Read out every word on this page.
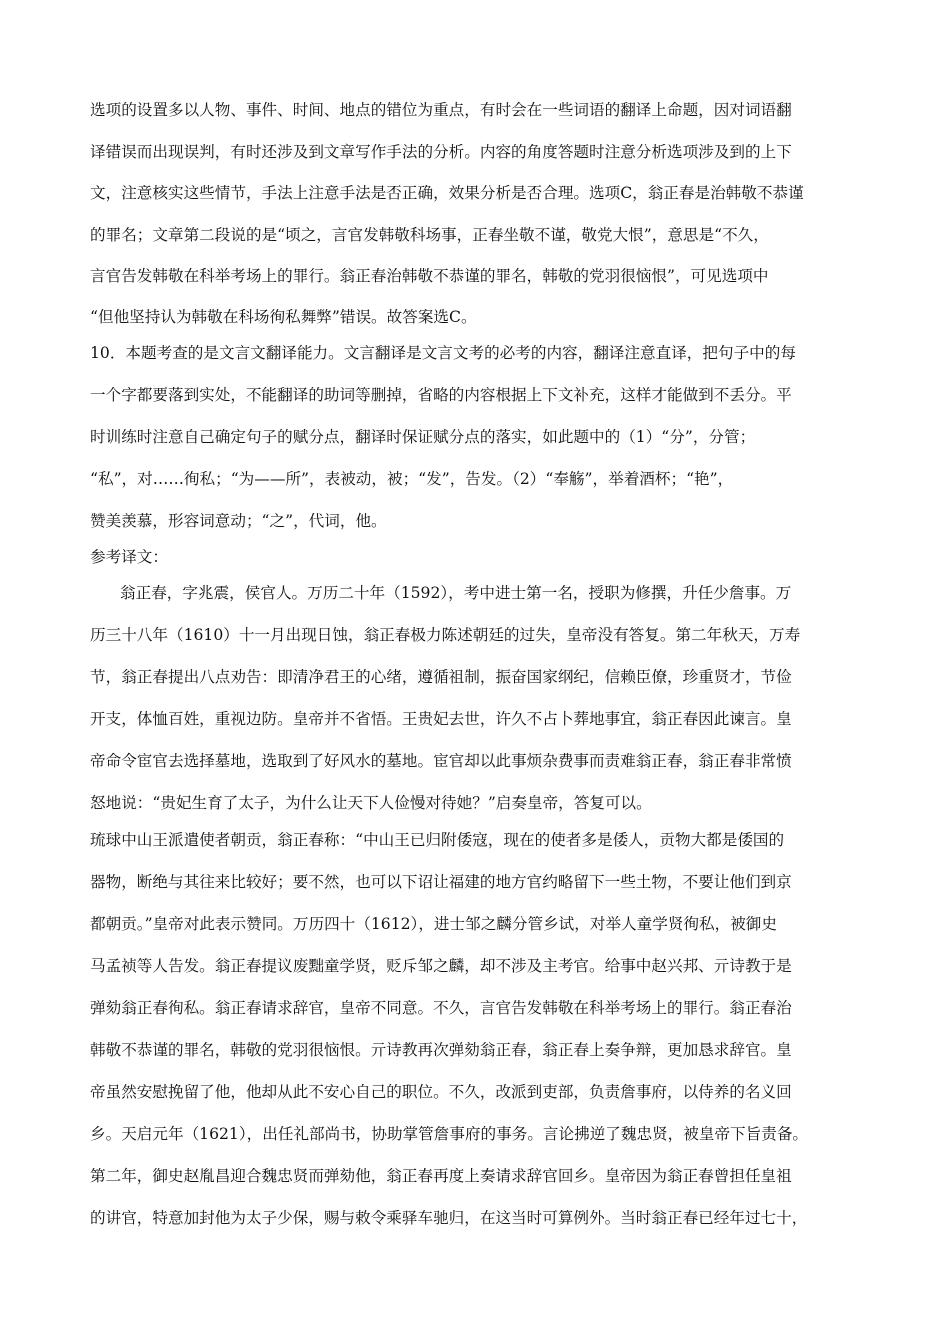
选项的设置多以人物、事件、时间、地点的错位为重点，有时会在一些词语的翻译上命题，因对词语翻
译错误而出现误判，有时还涉及到文章写作手法的分析。内容的角度答题时注意分析选项涉及到的上下
文，注意核实这些情节，手法上注意手法是否正确，效果分析是否合理。选项C，翁正春是治韩敬不恭谨
的罪名；文章第二段说的是“顷之，言官发韩敬科场事，正春坐敬不谨，敬党大恨”，意思是“不久，
言官告发韩敬在科举考场上的罪行。翁正春治韩敬不恭谨的罪名，韩敬的党羽很恼恨”，可见选项中
“但他坚持认为韩敬在科场徇私舞弊”错误。故答案选C。
10．本题考查的是文言文翻译能力。文言翻译是文言文考的必考的内容，翻译注意直译，把句子中的每
一个字都要落到实处，不能翻译的助词等删掉，省略的内容根据上下文补充，这样才能做到不丢分。平
时训练时注意自己确定句子的赋分点，翻译时保证赋分点的落实，如此题中的（1）“分”，分管；
“私”，对……徇私；“为——所”，表被动，被；“发”，告发。（2）“奉觞”，举着酒杯；“艳”，
赞美羡慕，形容词意动；“之”，代词，他。
参考译文：
翁正春，字兆震，侯官人。万历二十年（1592），考中进士第一名，授职为修撰，升任少詹事。万
历三十八年（1610）十一月出现日蚀，翁正春极力陈述朝廷的过失，皇帝没有答复。第二年秋天，万寿
节，翁正春提出八点劝告：即清净君王的心绪，遵循祖制，振奋国家纲纪，信赖臣僚，珍重贤才，节俭
开支，体恤百姓，重视边防。皇帝并不省悟。王贵妃去世，许久不占卜葬地事宜，翁正春因此谏言。皇
帝命令宦官去选择墓地，选取到了好风水的墓地。宦官却以此事烦杂费事而责难翁正春，翁正春非常愤
怒地说：“贵妃生育了太子，为什么让天下人俭慢对待她？”启奏皇帝，答复可以。
琉球中山王派遣使者朝贡，翁正春称：“中山王已归附倭寇，现在的使者多是倭人，贡物大都是倭国的
器物，断绝与其往来比较好；要不然，也可以下诏让福建的地方官约略留下一些土物，不要让他们到京
都朝贡。”皇帝对此表示赞同。万历四十（1612），进士邹之麟分管乡试，对举人童学贤徇私，被御史
马孟祯等人告发。翁正春提议废黜童学贤，贬斥邹之麟，却不涉及主考官。给事中赵兴邦、亓诗教于是
弹劾翁正春徇私。翁正春请求辞官，皇帝不同意。不久，言官告发韩敬在科举考场上的罪行。翁正春治
韩敬不恭谨的罪名，韩敬的党羽很恼恨。亓诗教再次弹劾翁正春，翁正春上奏争辩，更加恳求辞官。皇
帝虽然安慰挽留了他，他却从此不安心自己的职位。不久，改派到吏部，负责詹事府，以侍养的名义回
乡。天启元年（1621），出任礼部尚书，协助掌管詹事府的事务。言论拂逆了魏忠贤，被皇帝下旨责备。
第二年，御史赵胤昌迎合魏忠贤而弹劾他，翁正春再度上奏请求辞官回乡。皇帝因为翁正春曾担任皇祖
的讲官，特意加封他为太子少保，赐与敕令乘驿车驰归，在这当时可算例外。当时翁正春已经年过七十，
